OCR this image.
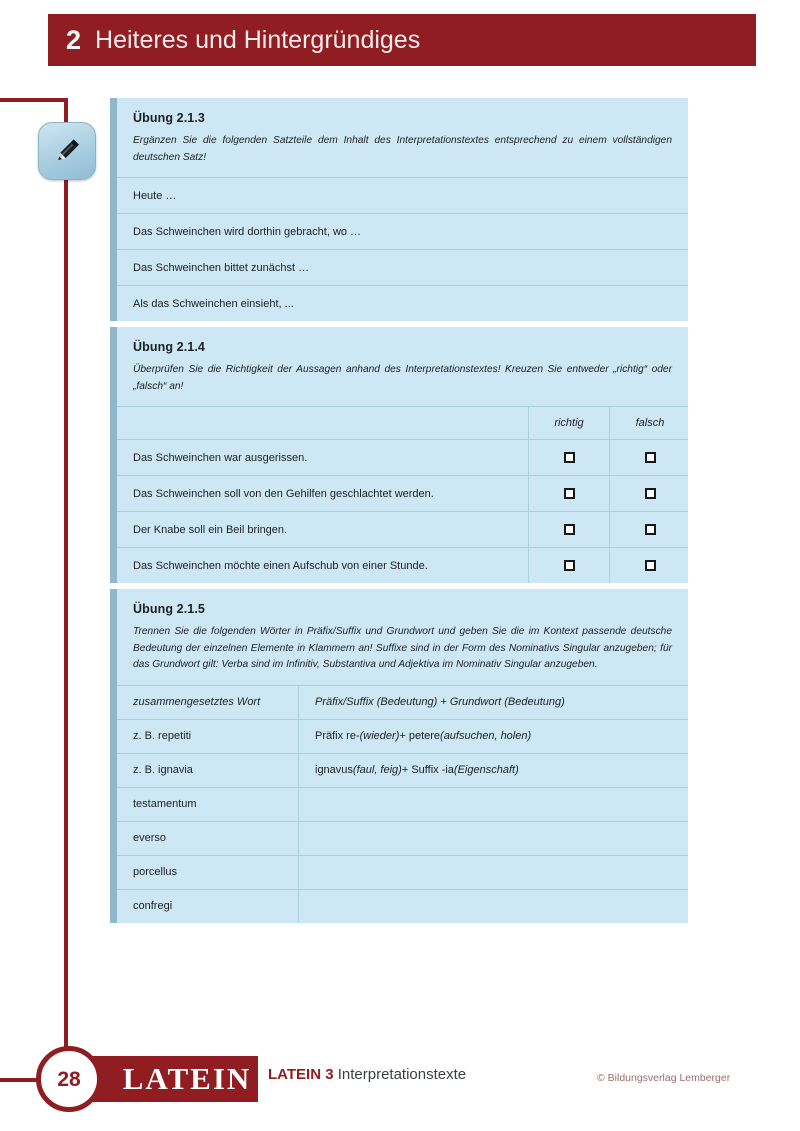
2 Heiteres und Hintergründiges
Übung 2.1.3
Ergänzen Sie die folgenden Satzteile dem Inhalt des Interpretationstextes entsprechend zu einem vollständigen deutschen Satz!
Heute …
Das Schweinchen wird dorthin gebracht, wo …
Das Schweinchen bittet zunächst …
Als das Schweinchen einsieht, ...
Übung 2.1.4
Überprüfen Sie die Richtigkeit der Aussagen anhand des Interpretationstextes! Kreuzen Sie entweder „richtig“ oder „falsch“ an!
richtig	falsch
Das Schweinchen war ausgerissen.
Das Schweinchen soll von den Gehilfen geschlachtet werden.
Der Knabe soll ein Beil bringen.
Das Schweinchen möchte einen Aufschub von einer Stunde.
Übung 2.1.5
Trennen Sie die folgenden Wörter in Präfix/Suffix und Grundwort und geben Sie die im Kontext passende deutsche Bedeutung der einzelnen Elemente in Klammern an! Suffixe sind in der Form des Nominativs Singular anzugeben; für das Grundwort gilt: Verba sind im Infinitiv, Substantiva und Adjektiva im Nominativ Singular anzugeben.
zusammengesetztes Wort	Präfix/Suffix (Bedeutung) + Grundwort (Bedeutung)
z. B. repetiti	Präfix re- (wieder) + petere (aufsuchen, holen)
z. B. ignavia	ignavus (faul, feig) + Suffix -ia (Eigenschaft)
testamentum
everso
porcellus
confregi
LATEIN
28	LATEIN 3 Interpretationstexte	© Bildungsverlag Lemberger
